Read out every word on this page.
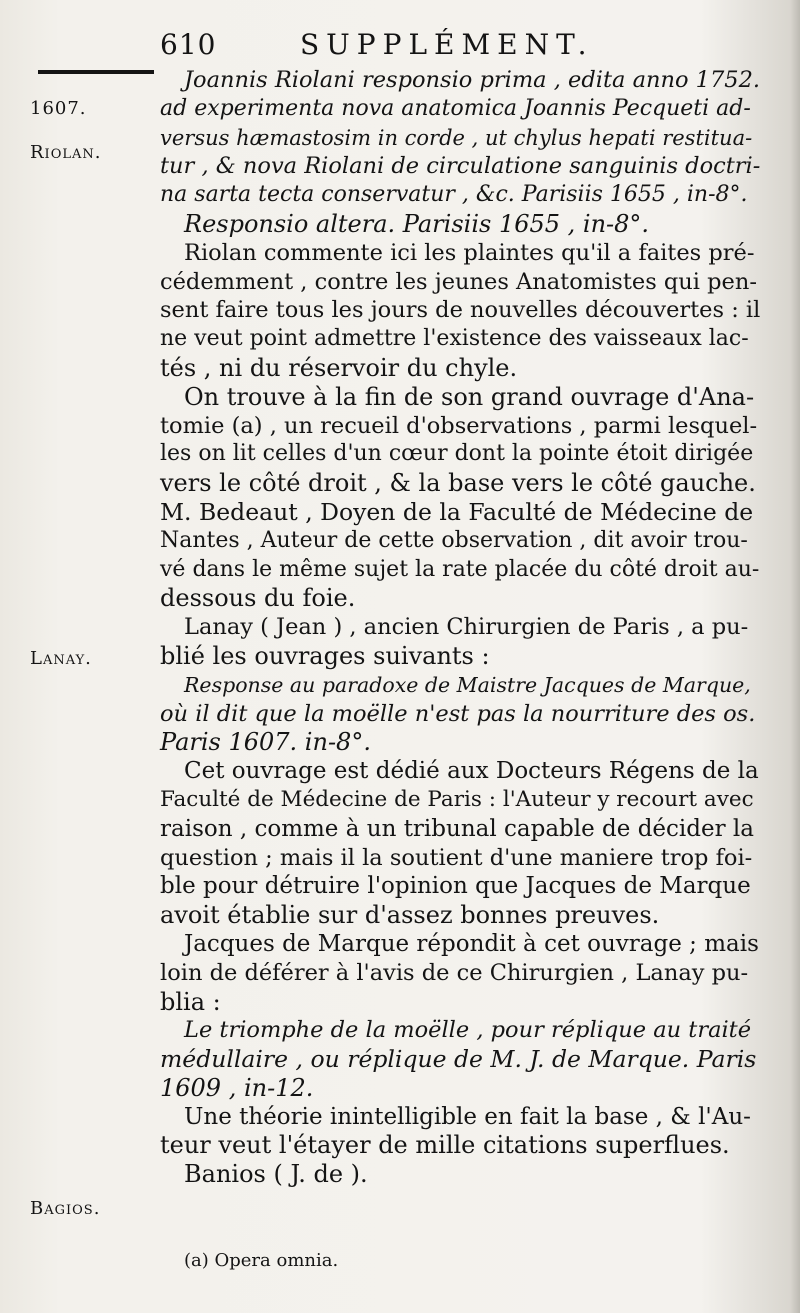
610	SUPPLÉMENT.
1607.
Riolan.
Lanay.
Bagios.
Joannis Riolani responsio prima , edita anno 1752.
ad experimenta nova anatomica Joannis Pecqueti ad-
versus hæmastosim in corde , ut chylus hepati restitua-
tur , & nova Riolani de circulatione sanguinis doctri-
na sarta tecta conservatur , &c. Parisiis 1655 , in-8°.
Responsio altera. Parisiis 1655 , in-8°.
Riolan commente ici les plaintes qu'il a faites pré-
cédemment , contre les jeunes Anatomistes qui pen-
sent faire tous les jours de nouvelles découvertes : il
ne veut point admettre l'existence des vaisseaux lac-
tés , ni du réservoir du chyle.
On trouve à la fin de son grand ouvrage d'Ana-
tomie (a) , un recueil d'observations , parmi lesquel-
les on lit celles d'un cœur dont la pointe étoit dirigée
vers le côté droit , & la base vers le côté gauche.
M. Bedeaut , Doyen de la Faculté de Médecine de
Nantes , Auteur de cette observation , dit avoir trou-
vé dans le même sujet la rate placée du côté droit au-
dessous du foie.
Lanay ( Jean ) , ancien Chirurgien de Paris , a pu-
blié les ouvrages suivants :
Response au paradoxe de Maistre Jacques de Marque,
où il dit que la moëlle n'est pas la nourriture des os.
Paris 1607. in-8°.
Cet ouvrage est dédié aux Docteurs Régens de la
Faculté de Médecine de Paris : l'Auteur y recourt avec
raison , comme à un tribunal capable de décider la
question ; mais il la soutient d'une maniere trop foi-
ble pour détruire l'opinion que Jacques de Marque
avoit établie sur d'assez bonnes preuves.
Jacques de Marque répondit à cet ouvrage ; mais
loin de déférer à l'avis de ce Chirurgien , Lanay pu-
blia :
Le triomphe de la moëlle , pour réplique au traité
médullaire , ou réplique de M. J. de Marque. Paris
1609 , in-12.
Une théorie inintelligible en fait la base , & l'Au-
teur veut l'étayer de mille citations superflues.
Banios ( J. de ).
(a) Opera omnia.
